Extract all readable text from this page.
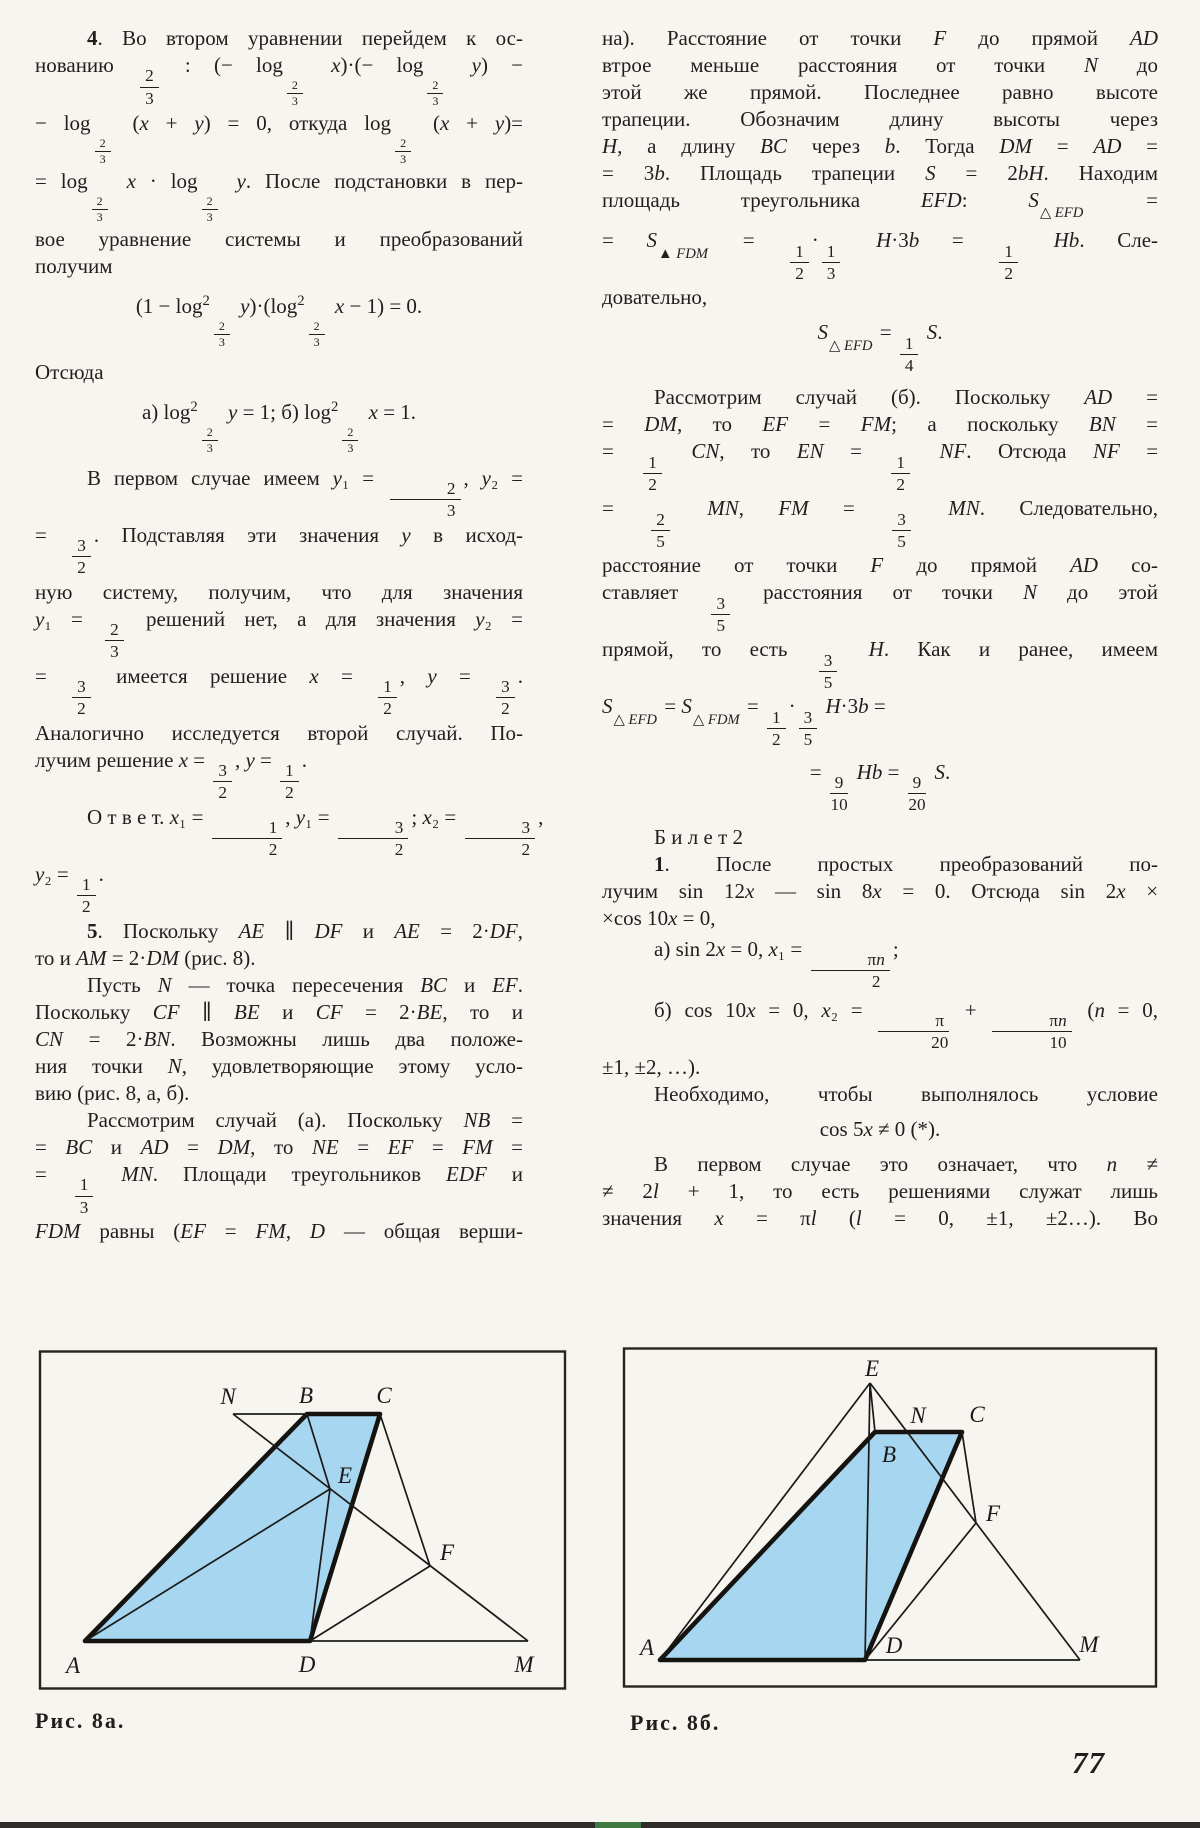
4. Во втором уравнении перейдем к ос-
нованию
$\frac{2}{3}$
: (− log
$\frac{2}{3}$
x)·(− log
$\frac{2}{3}$
y) −
− log
$\frac{2}{3}$
(x + y) = 0, откуда log
$\frac{2}{3}$
(x + y)=
= log
$\frac{2}{3}$
x · log
$\frac{2}{3}$
y. После подстановки в пер-
вое уравнение системы и преобразований
получим
(1 − log2
$\frac{2}{3}$
y)·(log2
$\frac{2}{3}$
x − 1) = 0.
Отсюда
а) log2
$\frac{2}{3}$
y = 1; б) log2
$\frac{2}{3}$
x = 1.
В первом случае имеем y₁ =
$\frac{2}{3}$
, y₂ =
=
$\frac{3}{2}$
. Подставляя эти значения y в исход-
ную систему, получим, что для значения
y₁ =
$\frac{2}{3}$
решений нет, а для значения y₂ =
=
$\frac{3}{2}$
имеется решение x =
$\frac{1}{2}$
, y =
$\frac{3}{2}$
.
Аналогично исследуется второй случай. По-
лучим решение x =
$\frac{3}{2}$
, y =
$\frac{1}{2}$
.
О т в е т. x₁ =
$\frac{1}{2}$
, y₁ =
$\frac{3}{2}$
; x₂ =
$\frac{3}{2}$
,
y₂ =
$\frac{1}{2}$
.
5. Поскольку AE ∥ DF и AE = 2·DF,
то и AM = 2·DM (рис. 8).
Пусть N — точка пересечения BC и EF.
Поскольку CF ∥ BE и CF = 2·BE, то и
CN = 2·BN. Возможны лишь два положе-
ния точки N, удовлетворяющие этому усло-
вию (рис. 8, а, б).
Рассмотрим случай (а). Поскольку NB =
= BC и AD = DM, то NE = EF = FM =
=
$\frac{1}{3}$
MN. Площади треугольников EDF и
FDM равны (EF = FM, D — общая верши-
на). Расстояние от точки F до прямой AD
втрое меньше расстояния от точки N до
этой же прямой. Последнее равно высоте
трапеции. Обозначим длину высоты через
H, а длину BC через b. Тогда DM = AD =
= 3b. Площадь трапеции S = 2bH. Находим
площадь треугольника EFD: S△ EFD =
= S▲ FDM =
$\frac{1}{2}$
·
$\frac{1}{3}$
H·3b =
$\frac{1}{2}$
Hb. Сле-
довательно,
S△ EFD =
$\frac{1}{4}$
S.
Рассмотрим случай (б). Поскольку AD =
= DM, то EF = FM; а поскольку BN =
=
$\frac{1}{2}$
CN, то EN =
$\frac{1}{2}$
NF. Отсюда NF =
=
$\frac{2}{5}$
MN, FM =
$\frac{3}{5}$
MN. Следовательно,
расстояние от точки F до прямой AD со-
ставляет
$\frac{3}{5}$
расстояния от точки N до этой
прямой, то есть
$\frac{3}{5}$
H. Как и ранее, имеем
S△ EFD = S△ FDM =
$\frac{1}{2}$
·
$\frac{3}{5}$
H·3b =
=
$\frac{9}{10}$
Hb =
$\frac{9}{20}$
S.
Б и л е т 2
1. После простых преобразований по-
лучим sin 12x — sin 8x = 0. Отсюда sin 2x ×
×cos 10x = 0,
а) sin 2x = 0, x₁ =
$\frac{\pi n}{2}$
;
б) cos 10x = 0, x₂ =
$\frac{\pi}{20}$
+
$\frac{\pi n}{10}$
(n = 0,
±1, ±2, …).
Необходимо, чтобы выполнялось условие
cos 5x ≠ 0 (*).
В первом случае это означает, что n ≠
≠ 2l + 1, то есть решениями служат лишь
значения x = πl (l = 0, ±1, ±2…). Во
N	B	C
E
F
A	D	M
Рис. 8а.
E
N C
B
A	D
F
M
Рис. 8б.
77
